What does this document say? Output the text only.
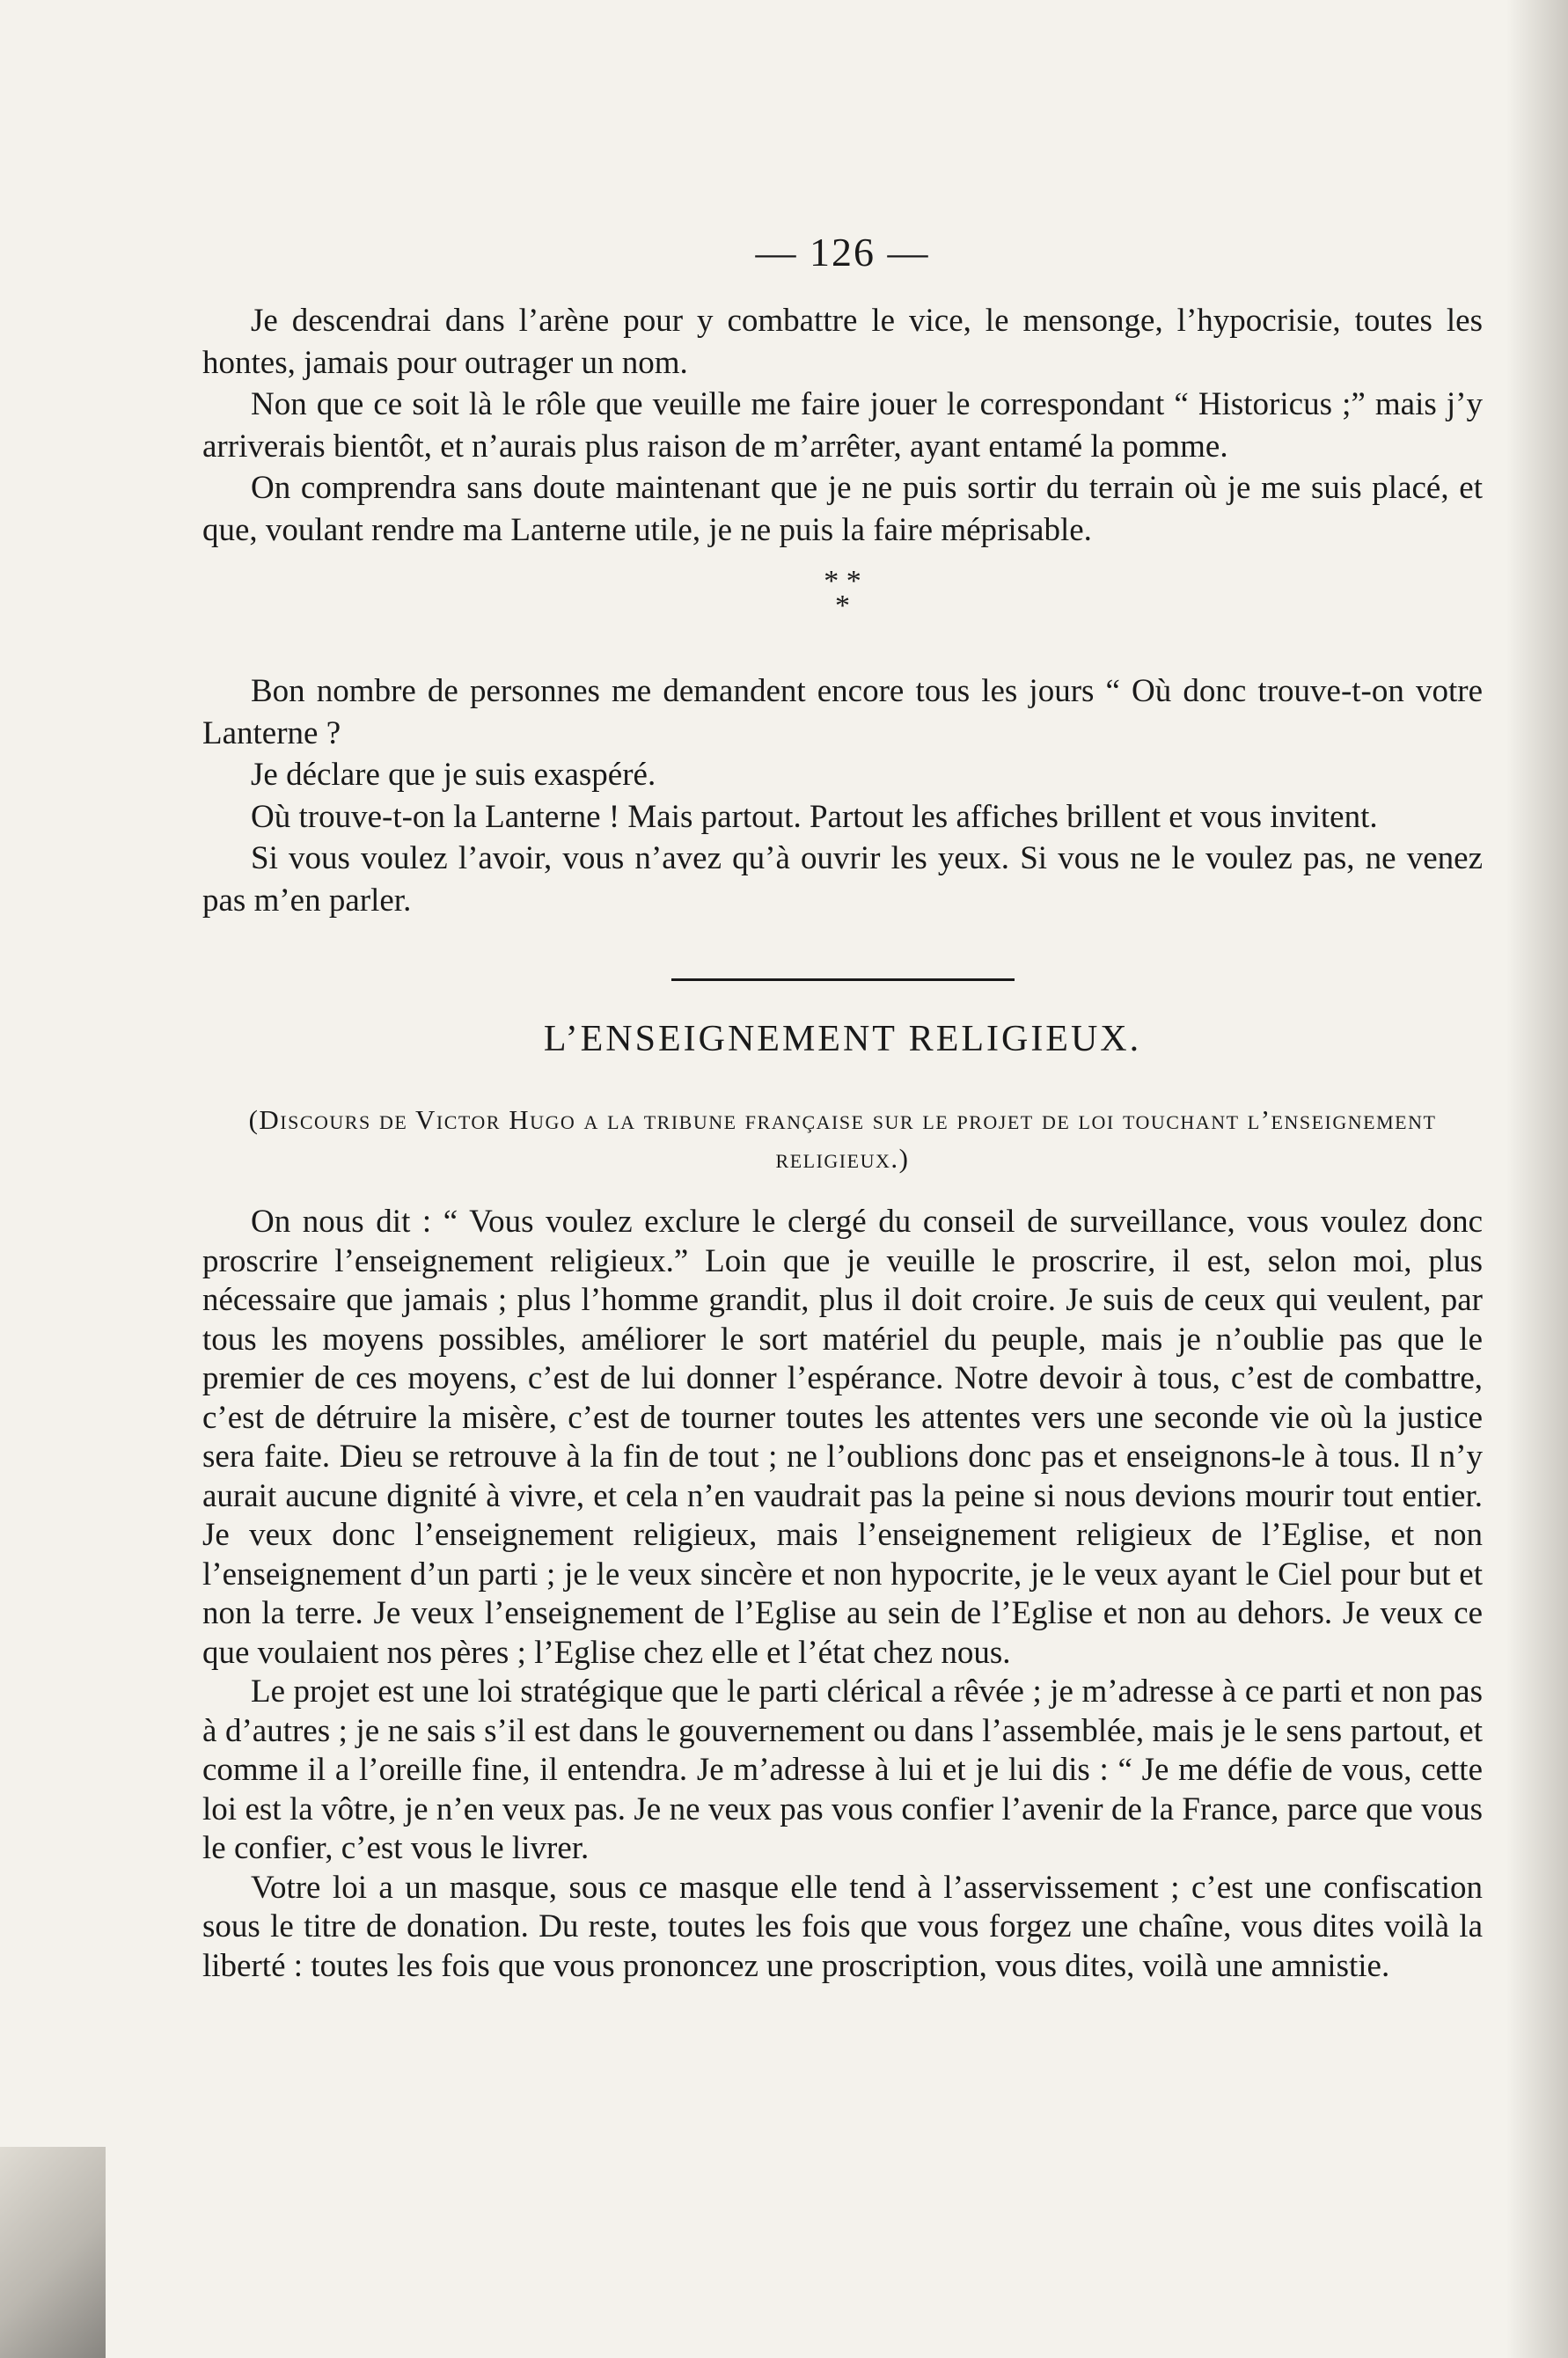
— 126 —

Je descendrai dans l’arène pour y combattre le vice, le mensonge, l’hypocrisie, toutes les hontes, jamais pour outrager un nom.

Non que ce soit là le rôle que veuille me faire jouer le correspondant “ Historicus ;” mais j’y arriverais bientôt, et n’aurais plus raison de m’arrêter, ayant entamé la pomme.

On comprendra sans doute maintenant que je ne puis sortir du terrain où je me suis placé, et que, voulant rendre ma Lanterne utile, je ne puis la faire méprisable.

* *
*

Bon nombre de personnes me demandent encore tous les jours “ Où donc trouve-t-on votre Lanterne ?

Je déclare que je suis exaspéré.

Où trouve-t-on la Lanterne ! Mais partout. Partout les affiches brillent et vous invitent.

Si vous voulez l’avoir, vous n’avez qu’à ouvrir les yeux. Si vous ne le voulez pas, ne venez pas m’en parler.

L’ENSEIGNEMENT RELIGIEUX.
(Discours de Victor Hugo a la tribune française sur le projet de loi touchant l’enseignement religieux.)

On nous dit : “ Vous voulez exclure le clergé du conseil de surveillance, vous voulez donc proscrire l’enseignement religieux.” Loin que je veuille le proscrire, il est, selon moi, plus nécessaire que jamais ; plus l’homme grandit, plus il doit croire. Je suis de ceux qui veulent, par tous les moyens possibles, améliorer le sort matériel du peuple, mais je n’oublie pas que le premier de ces moyens, c’est de lui donner l’espérance. Notre devoir à tous, c’est de combattre, c’est de détruire la misère, c’est de tourner toutes les attentes vers une seconde vie où la justice sera faite. Dieu se retrouve à la fin de tout ; ne l’oublions donc pas et enseignons-le à tous. Il n’y aurait aucune dignité à vivre, et cela n’en vaudrait pas la peine si nous devions mourir tout entier. Je veux donc l’enseignement religieux, mais l’enseignement religieux de l’Eglise, et non l’enseignement d’un parti ; je le veux sincère et non hypocrite, je le veux ayant le Ciel pour but et non la terre. Je veux l’enseignement de l’Eglise au sein de l’Eglise et non au dehors. Je veux ce que voulaient nos pères ; l’Eglise chez elle et l’état chez nous.

Le projet est une loi stratégique que le parti clérical a rêvée ; je m’adresse à ce parti et non pas à d’autres ; je ne sais s’il est dans le gouvernement ou dans l’assemblée, mais je le sens partout, et comme il a l’oreille fine, il entendra. Je m’adresse à lui et je lui dis : “ Je me défie de vous, cette loi est la vôtre, je n’en veux pas. Je ne veux pas vous confier l’avenir de la France, parce que vous le confier, c’est vous le livrer.

Votre loi a un masque, sous ce masque elle tend à l’asservissement ; c’est une confiscation sous le titre de donation. Du reste, toutes les fois que vous forgez une chaîne, vous dites voilà la liberté : toutes les fois que vous prononcez une proscription, vous dites, voilà une amnistie.
